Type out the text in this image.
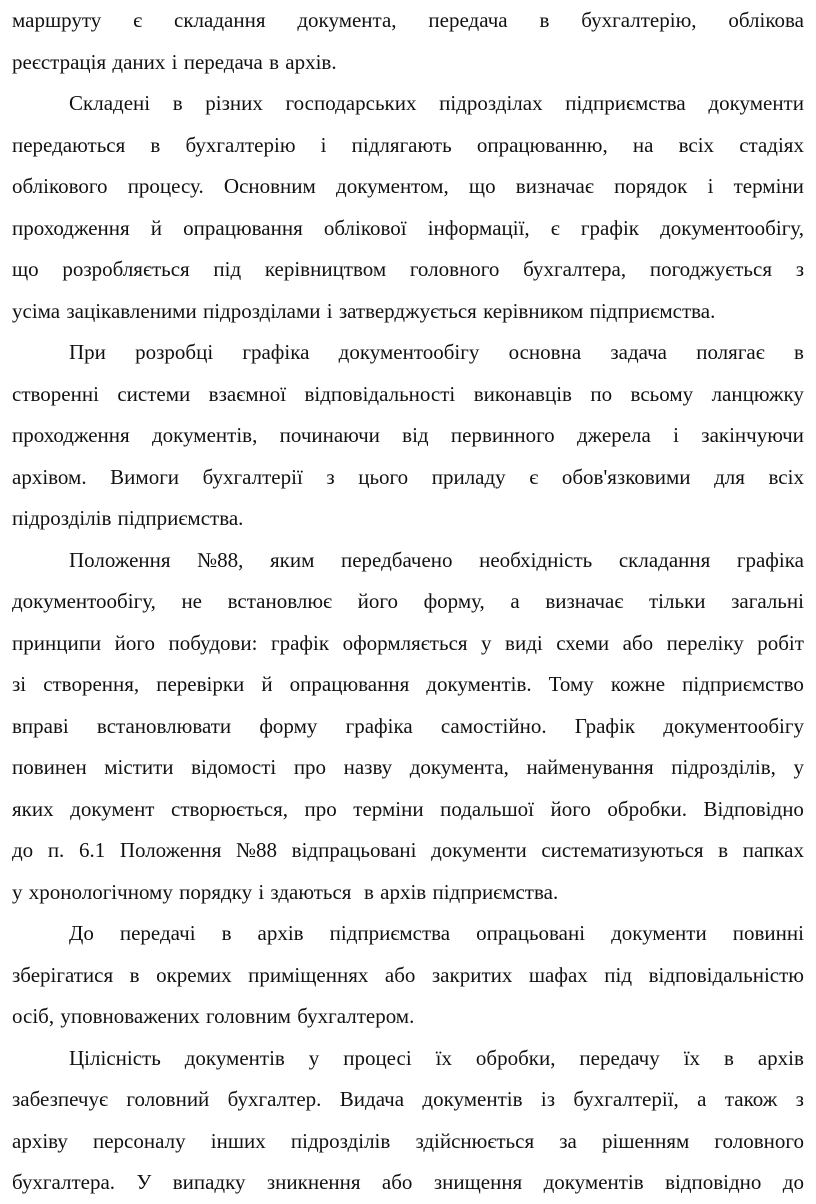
маршруту є складання документа, передача в бухгалтерію, облікова
реєстрація даних і передача в архів.
Складені в різних господарських підрозділах підприємства документи
передаються в бухгалтерію і підлягають опрацюванню, на всіх стадіях
облікового процесу. Основним документом, що визначає порядок і терміни
проходження й опрацювання облікової інформації, є графік документообігу,
що розробляється під керівництвом головного бухгалтера, погоджується з
усіма зацікавленими підрозділами і затверджується керівником підприємства.
При розробці графіка документообігу основна задача полягає в
створенні системи взаємної відповідальності виконавців по всьому ланцюжку
проходження документів, починаючи від первинного джерела і закінчуючи
архівом. Вимоги бухгалтерії з цього приладу є обов'язковими для всіх
підрозділів підприємства.
Положення №88, яким передбачено необхідність складання графіка
документообігу, не встановлює його форму, а визначає тільки загальні
принципи його побудови: графік оформляється у виді схеми або переліку робіт
зі створення, перевірки й опрацювання документів. Тому кожне підприємство
вправі встановлювати форму графіка самостійно. Графік документообігу
повинен містити відомості про назву документа, найменування підрозділів, у
яких документ створюється, про терміни подальшої його обробки. Відповідно
до п. 6.1 Положення №88 відпрацьовані документи систематизуються в папках
у хронологічному порядку і здаються  в архів підприємства.
До передачі в архів підприємства опрацьовані документи повинні
зберігатися в окремих приміщеннях або закритих шафах під відповідальністю
осіб, уповноважених головним бухгалтером.
Цілісність документів у процесі їх обробки, передачу їх в архів
забезпечує головний бухгалтер. Видача документів із бухгалтерії, а також з
архіву персоналу інших підрозділів здійснюється за рішенням головного
бухгалтера. У випадку зникнення або знищення документів відповідно до
